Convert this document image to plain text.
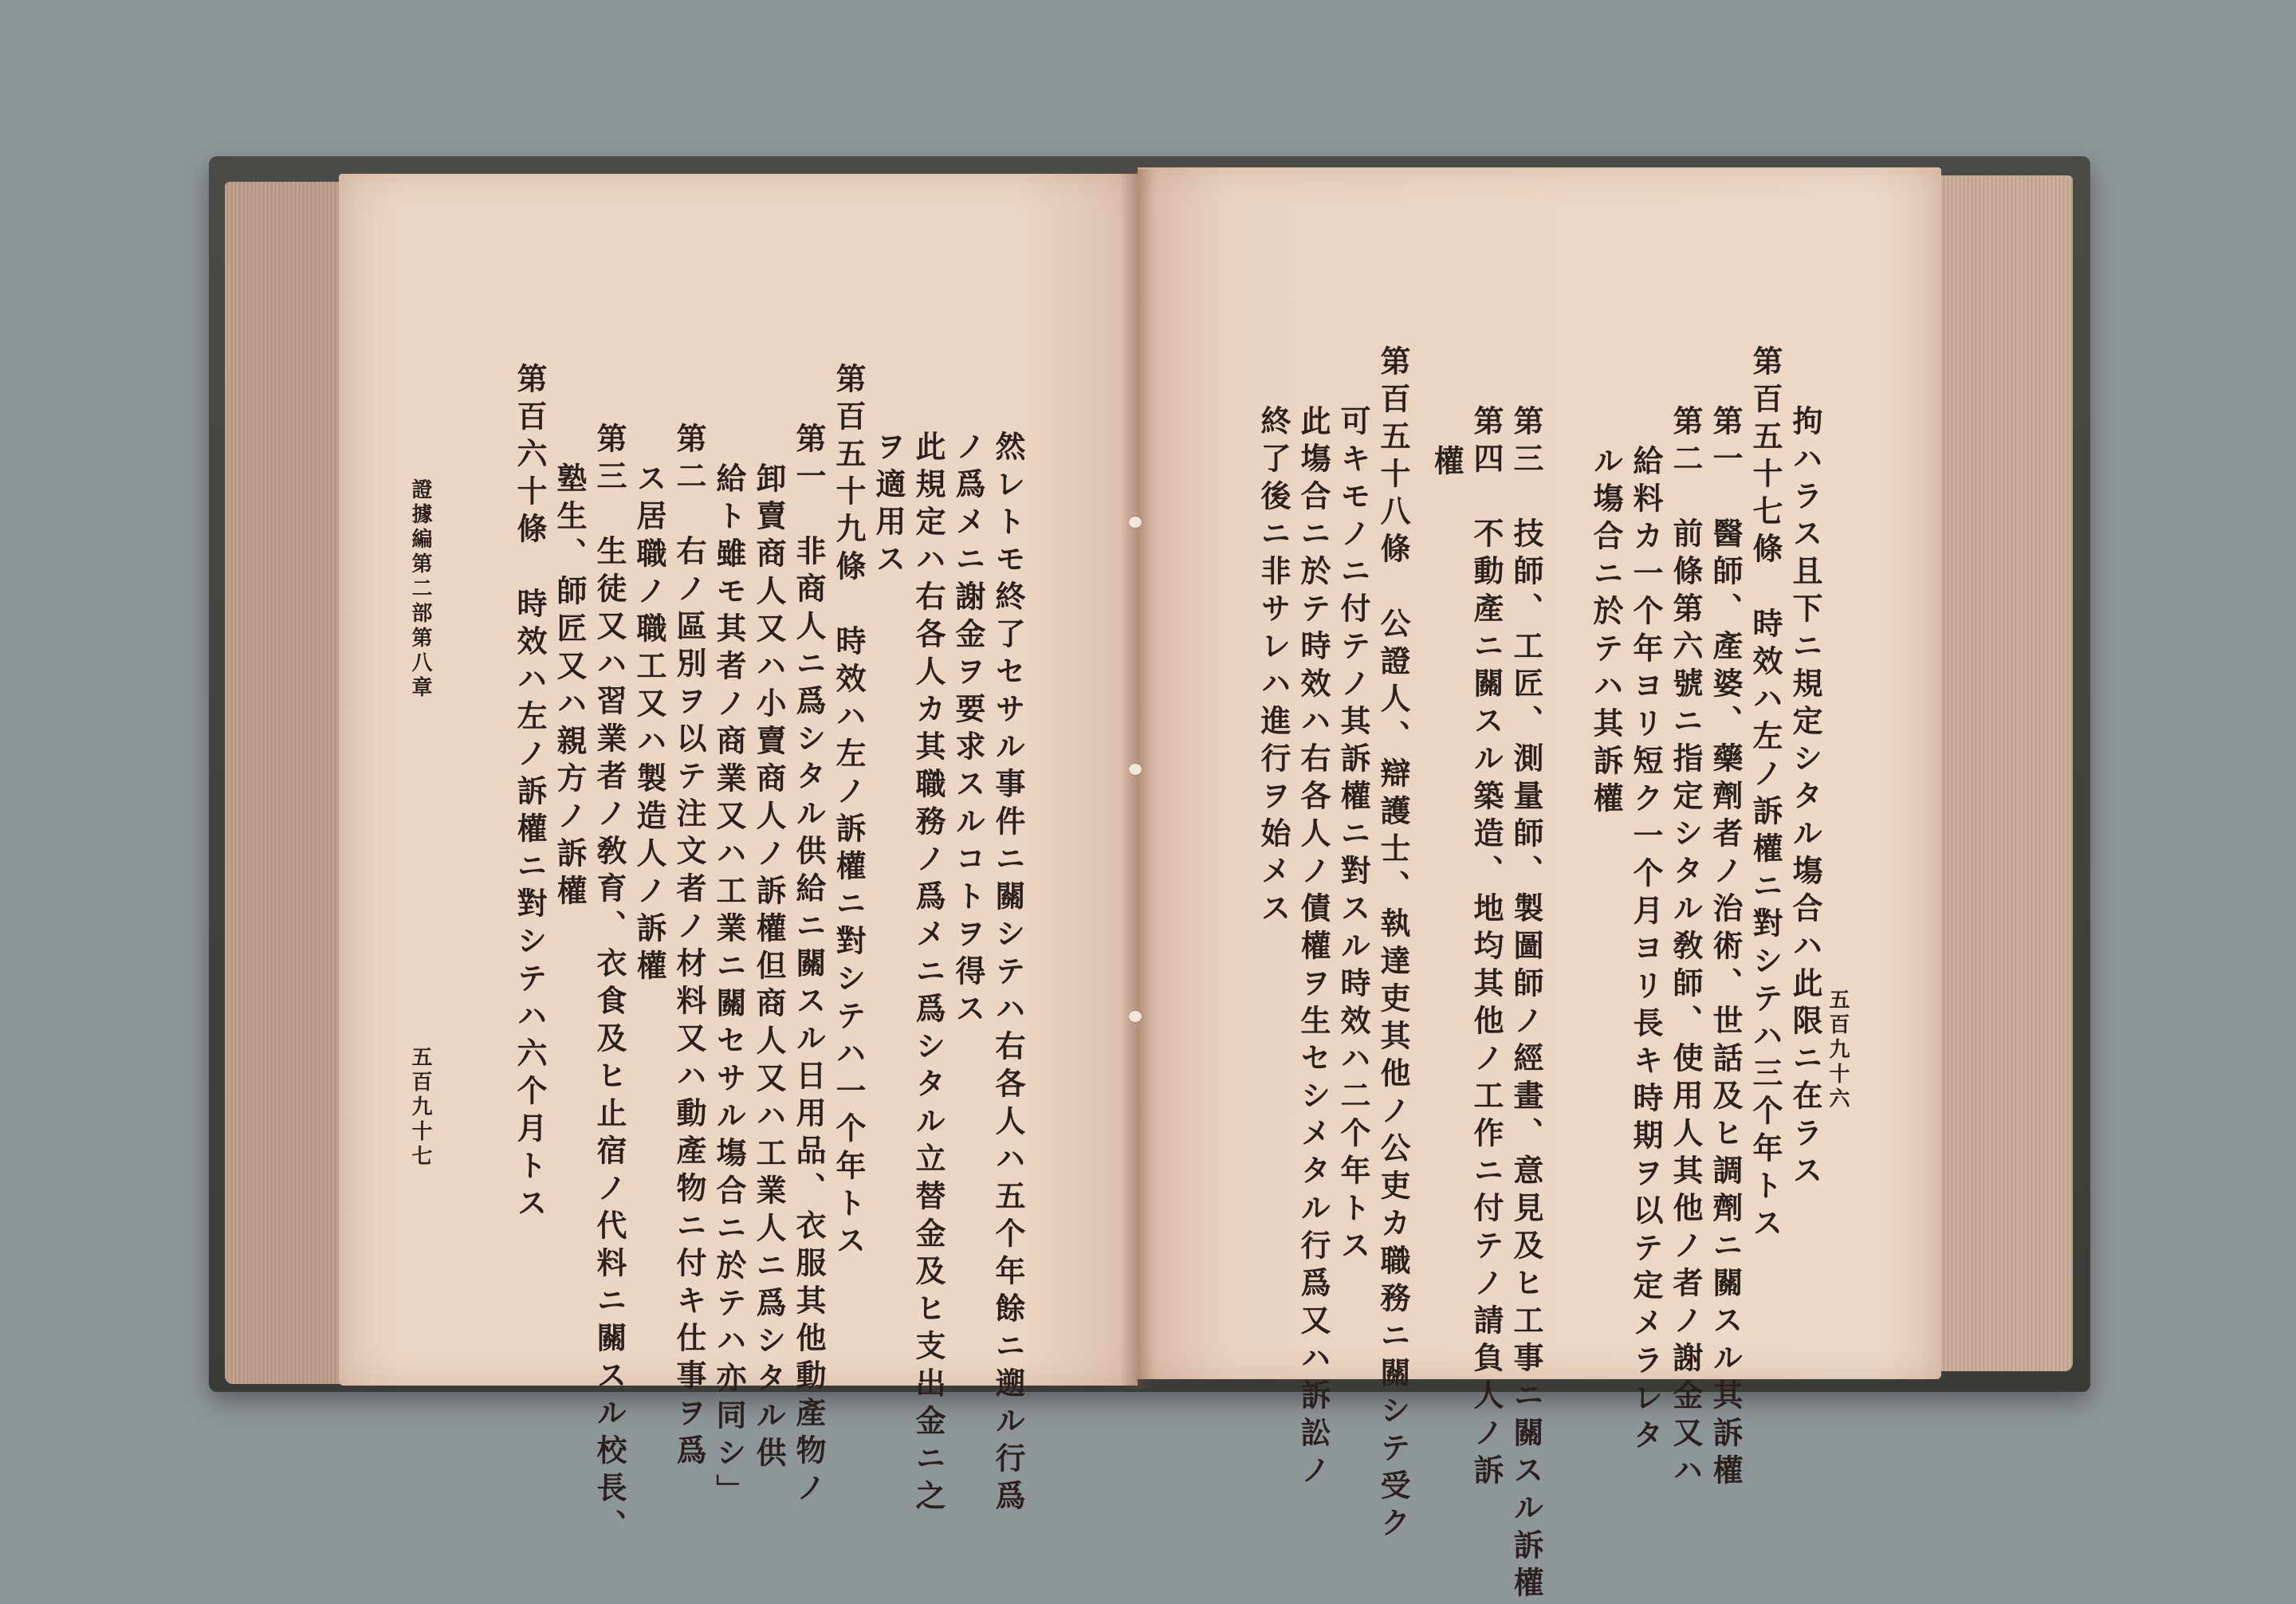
然レトモ終了セサル事件ニ關シテハ右各人ハ五个年餘ニ遡ル行爲
ノ爲メニ謝金ヲ要求スルコトヲ得ス
此規定ハ右各人カ其職務ノ爲メニ爲シタル立替金及ヒ支出金ニ之
ヲ適用ス
第百五十九條　時效ハ左ノ訴權ニ對シテハ一个年トス
第一　非商人ニ爲シタル供給ニ關スル日用品、衣服其他動產物ノ
卸賣商人又ハ小賣商人ノ訴權但商人又ハ工業人ニ爲シタル供
給ト雖モ其者ノ商業又ハ工業ニ關セサル塲合ニ於テハ亦同シ」
第二　右ノ區別ヲ以テ注文者ノ材料又ハ動產物ニ付キ仕事ヲ爲
ス居職ノ職工又ハ製造人ノ訴權
第三　生徒又ハ習業者ノ敎育、衣食及ヒ止宿ノ代料ニ關スル校長、
塾生、師匠又ハ親方ノ訴權
第百六十條　時效ハ左ノ訴權ニ對シテハ六个月トス
證據編第二部第八章
五百九十七	五百九十六
拘ハラス且下ニ規定シタル塲合ハ此限ニ在ラス
第百五十七條　時效ハ左ノ訴權ニ對シテハ三个年トス
第一　醫師、產婆、藥劑者ノ治術、世話及ヒ調劑ニ關スル其訴權
第二　前條第六號ニ指定シタル敎師、使用人其他ノ者ノ謝金又ハ
給料カ一个年ヨリ短ク一个月ヨリ長キ時期ヲ以テ定メラレタ
ル塲合ニ於テハ其訴權
第三　技師、工匠、測量師、製圖師ノ經畫、意見及ヒ工事ニ關スル訴權
第四　不動產ニ關スル築造、地均其他ノ工作ニ付テノ請負人ノ訴
權
第百五十八條　公證人、辯護士、執達吏其他ノ公吏カ職務ニ關シテ受ク
可キモノニ付テノ其訴權ニ對スル時效ハ二个年トス
此塲合ニ於テ時效ハ右各人ノ債權ヲ生セシメタル行爲又ハ訴訟ノ
終了後ニ非サレハ進行ヲ始メス
